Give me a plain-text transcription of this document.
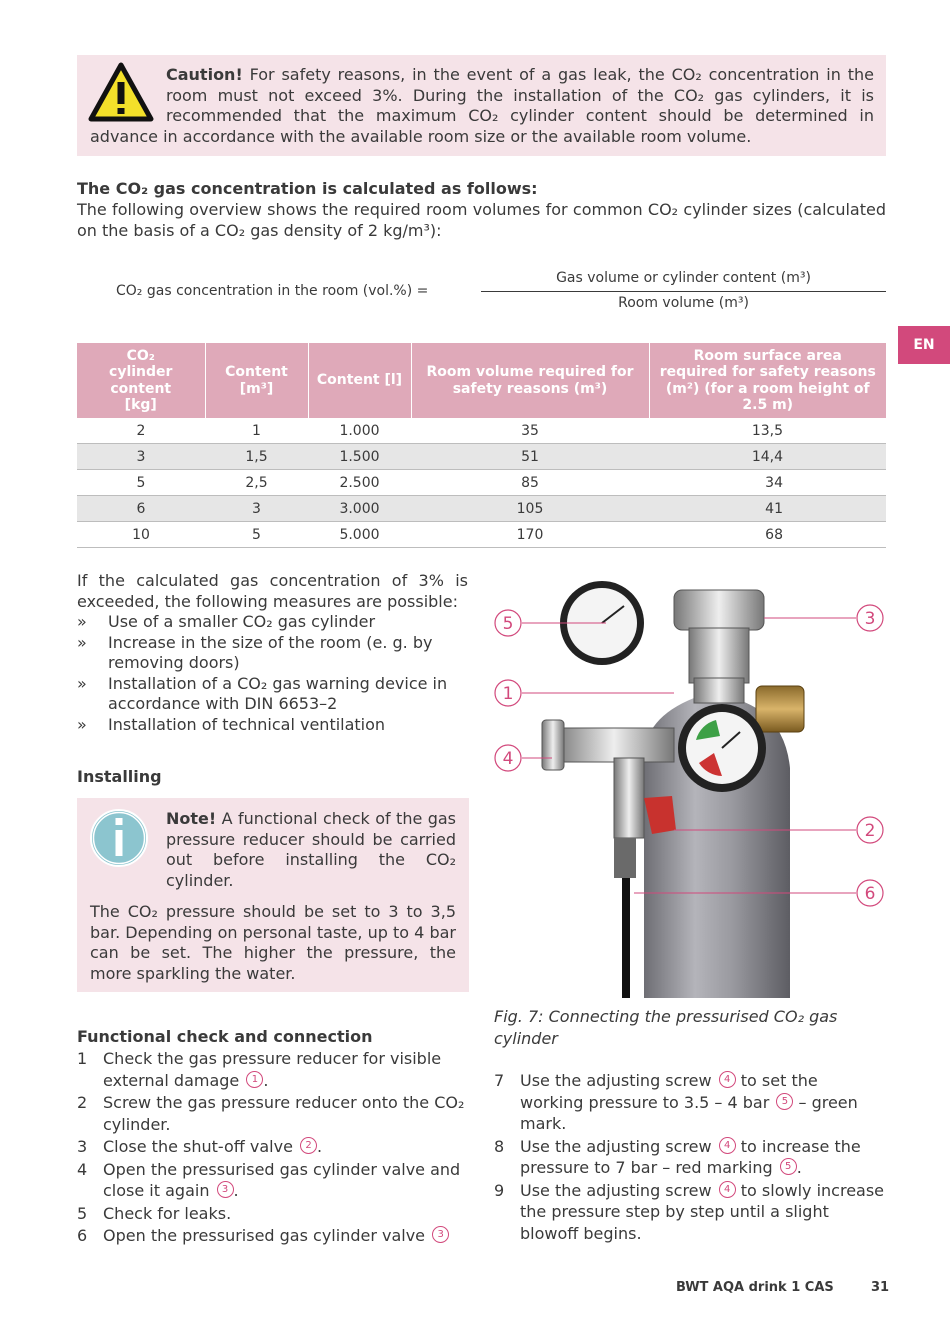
Caution! For safety reasons, in the event of a gas leak, the CO₂ concentration in the room must not exceed 3%. During the installation of the CO₂ gas cylinders, it is recommended that the maximum CO₂ cylinder content should be determined in advance in accordance with the available room size or the available room volume.
The CO₂ gas concentration is calculated as follows:
The following overview shows the required room volumes for common CO₂ cylinder sizes (calculated on the basis of a CO₂ gas density of 2 kg/m³):
CO₂ gas concentration in the room (vol.%) =
Gas volume or cylinder content (m³)
Room volume (m³)
EN
CO₂ cylinder content [kg]	Content [m³]	Content [l]	Room volume required for safety reasons (m³)	Room surface area required for safety reasons (m²) (for a room height of 2.5 m)
2	1	1.000	35	13,5
3	1,5	1.500	51	14,4
5	2,5	2.500	85	34
6	3	3.000	105	41
10	5	5.000	170	68
If the calculated gas concentration of 3% is exceeded, the following measures are possible:
» Use of a smaller CO₂ gas cylinder
» Increase in the size of the room (e. g. by removing doors)
» Installation of a CO₂ gas warning device in accordance with DIN 6653–2
» Installation of technical ventilation
Installing
Note! A functional check of the gas pressure reducer should be carried out before installing the CO₂ cylinder.
The CO₂ pressure should be set to 3 to 3,5 bar. Depending on personal taste, up to 4 bar can be set. The higher the pressure, the more sparkling the water.
Functional check and connection
1 Check the gas pressure reducer for visible external damage 1 .
2 Screw the gas pressure reducer onto the CO₂ cylinder.
3 Close the shut-off valve 2 .
4 Open the pressurised gas cylinder valve and close it again 3 .
5 Check for leaks.
6 Open the pressurised gas cylinder valve 3
7 Use the adjusting screw 4 to set the working pressure to 3.5 – 4 bar 5 – green mark.
8 Use the adjusting screw 4 to increase the pressure to 7 bar – red marking 5 .
9 Use the adjusting screw 4 to slowly increase the pressure step by step until a slight blowoff begins.
5
1
4
3
2
6
Fig. 7: Connecting the pressurised CO₂ gas cylinder
BWT AQA drink 1 CAS	31
